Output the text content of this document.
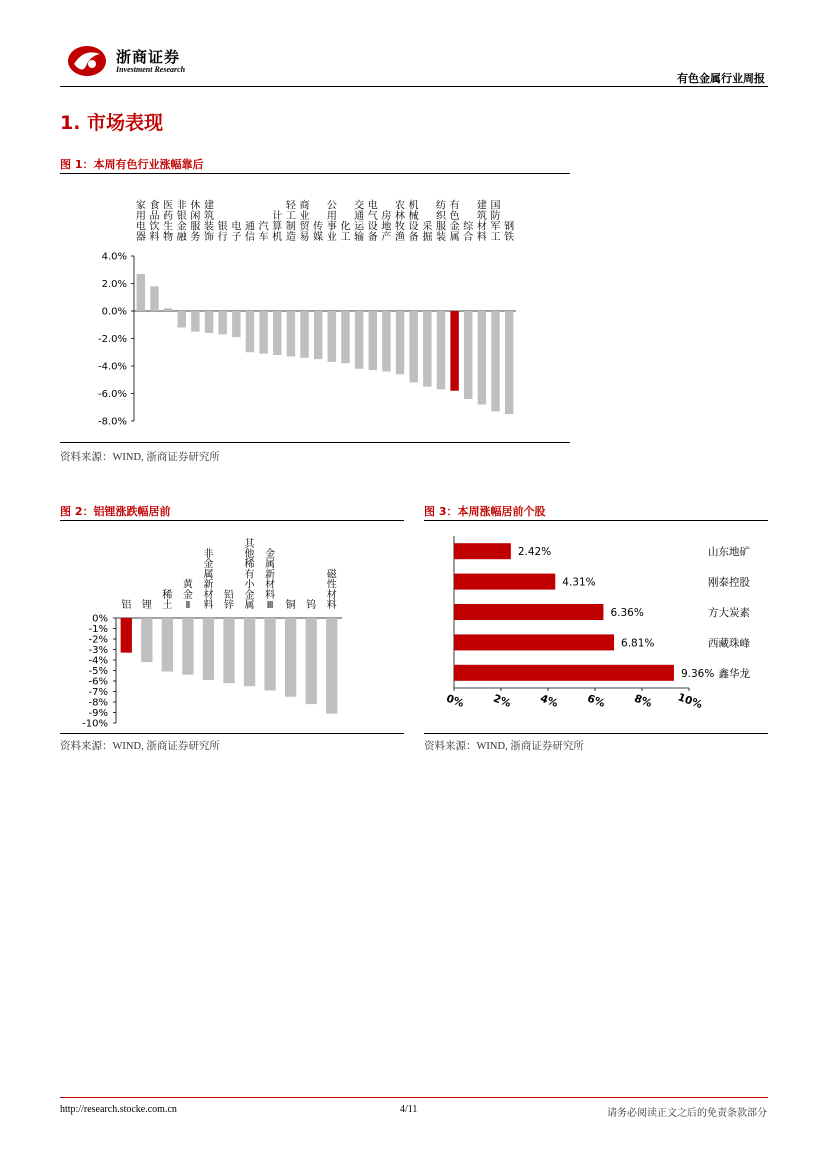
浙商证券
Investment Research
有色金属行业周报
1. 市场表现
图 1：本周有色行业涨幅靠后
4.0%
2.0%
0.0%
-2.0%
-4.0%
-6.0%
-8.0%
家用电器
食品饮料
医药生物
非银金融
休闲服务
建筑装饰
银行
电子
通信
汽车
计算机
轻工制造
商业贸易
传媒
公用事业
化工
交通运输
电气设备
房地产
农林牧渔
机械设备
采掘
纺织服装
有色金属
综合
建筑材料
国防军工
钢铁
资料来源：WIND, 浙商证券研究所
图 2：铝锂涨跌幅居前
0%
-1%
-2%
-3%
-4%
-5%
-6%
-7%
-8%
-9%
-10%
铝 锂
稀土
黄金 Ⅱ
非金属新材料
铅锌
其他稀有小金属
金属新材料 Ⅲ 铜 钨
磁性材料
资料来源：WIND, 浙商证券研究所
图 3：本周涨幅居前个股
0% 2% 4% 6% 8% 10%
2.42%	山东地矿
4.31%	刚泰控股
6.36%	方大炭素
6.81%	西藏珠峰
9.36% 鑫华龙
资料来源：WIND, 浙商证券研究所
http://research.stocke.com.cn	4/11	请务必阅读正文之后的免责条款部分
